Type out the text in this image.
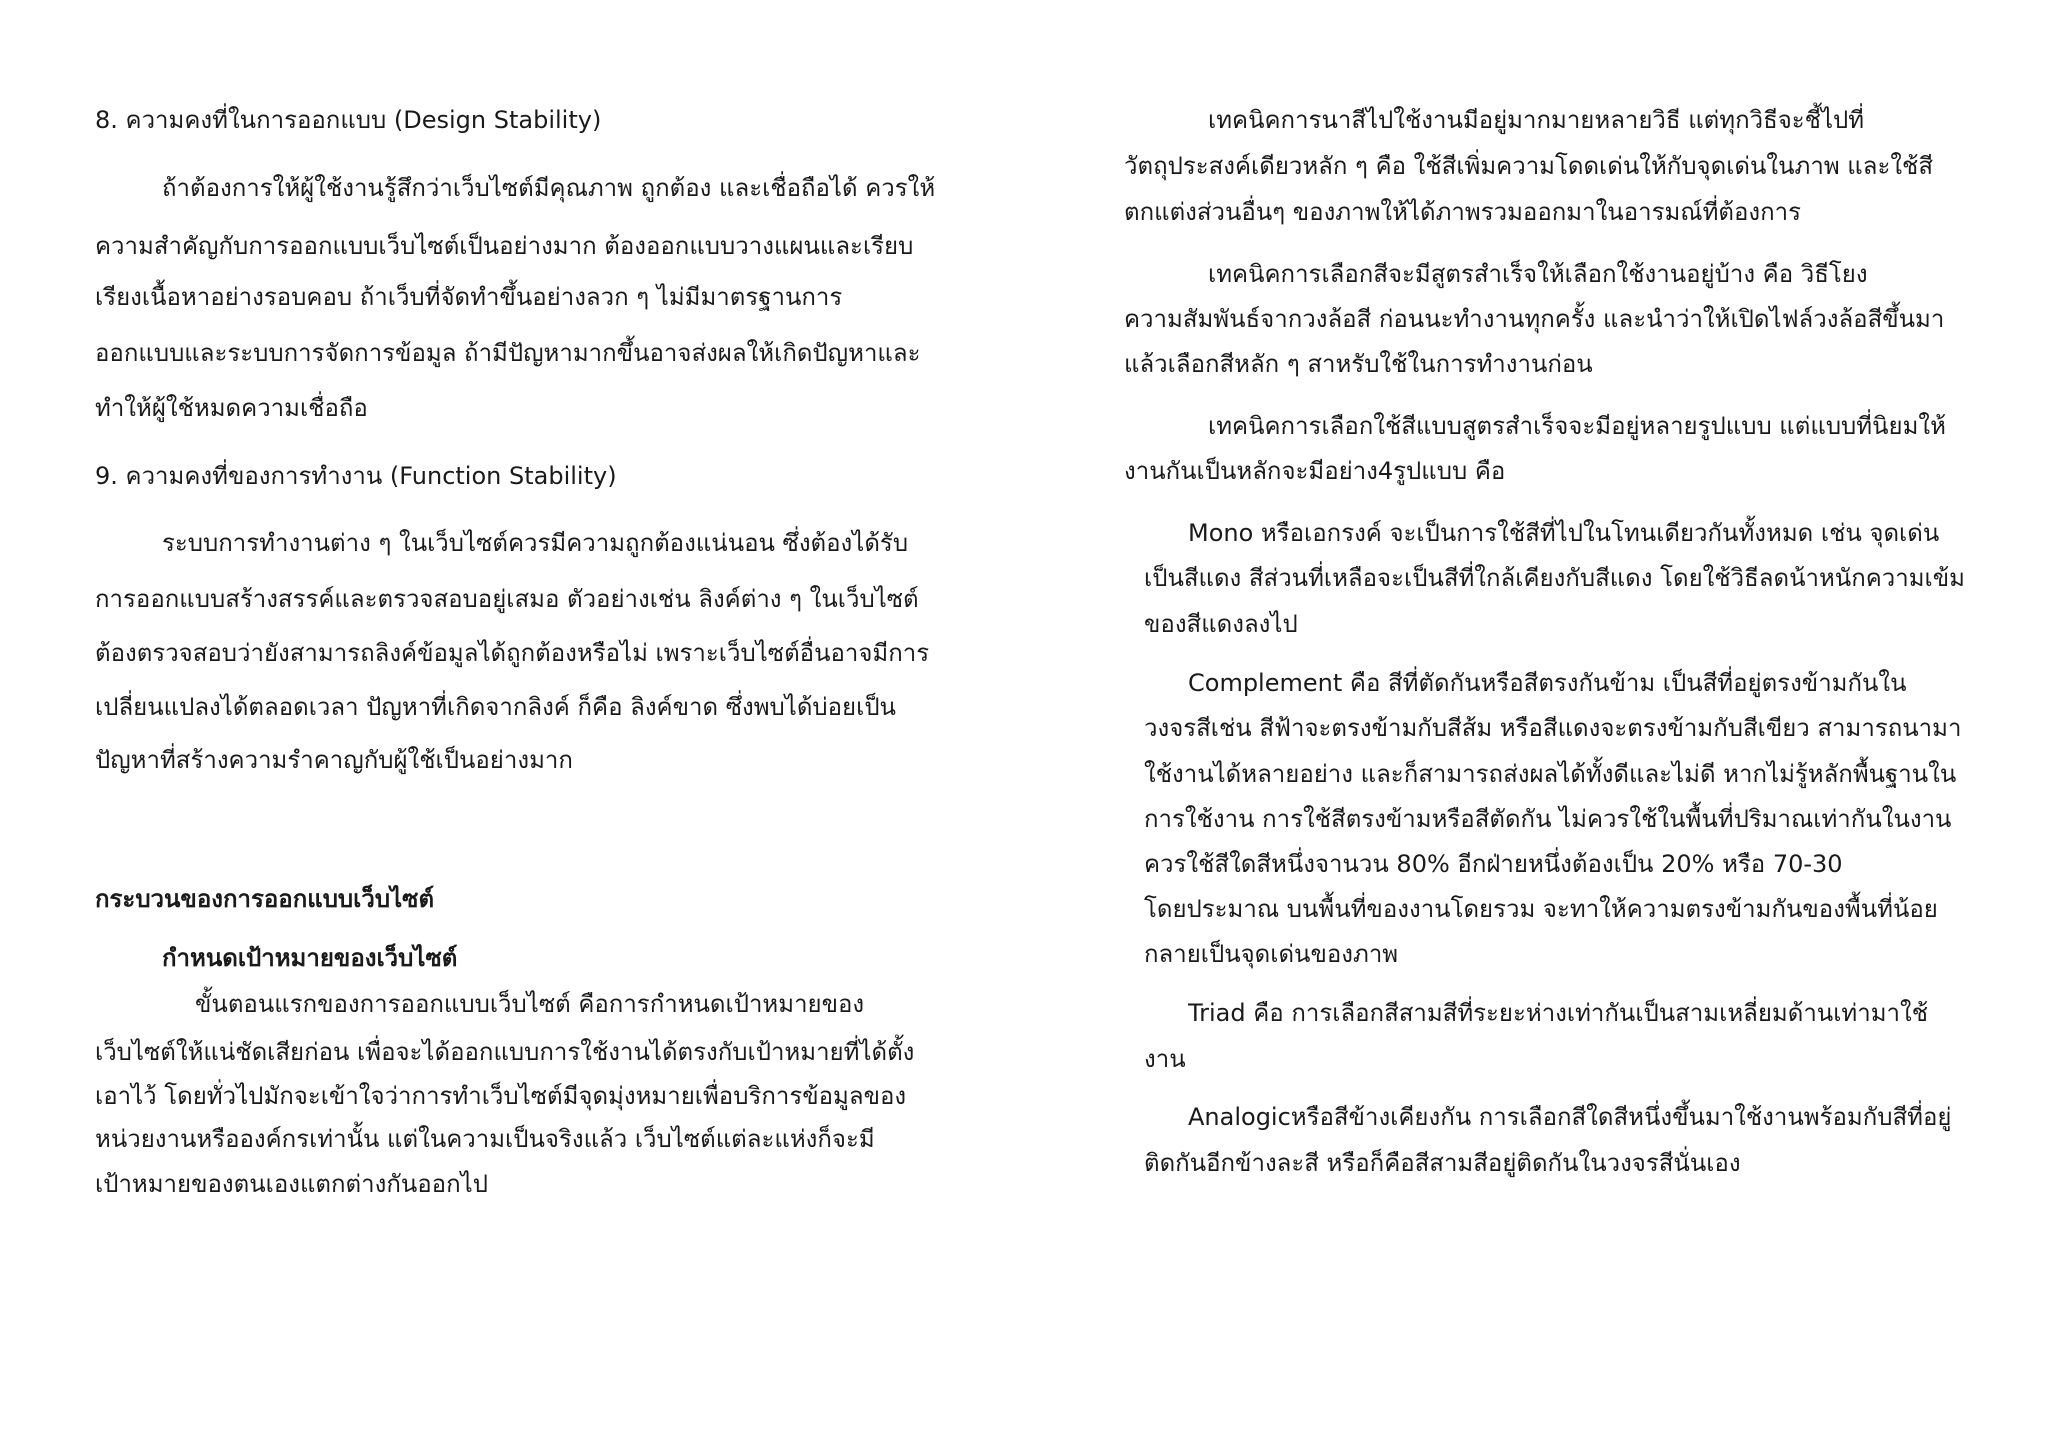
8. ความคงที่ในการออกแบบ (Design Stability)
ถ้าต้องการให้ผู้ใช้งานรู้สึกว่าเว็บไซต์มีคุณภาพ ถูกต้อง และเชื่อถือได้ ควรให้
ความสำคัญกับการออกแบบเว็บไซต์เป็นอย่างมาก ต้องออกแบบวางแผนและเรียบ
เรียงเนื้อหาอย่างรอบคอบ ถ้าเว็บที่จัดทำขึ้นอย่างลวก ๆ ไม่มีมาตรฐานการ
ออกแบบและระบบการจัดการข้อมูล ถ้ามีปัญหามากขึ้นอาจส่งผลให้เกิดปัญหาและ
ทำให้ผู้ใช้หมดความเชื่อถือ
9. ความคงที่ของการทำงาน (Function Stability)
ระบบการทำงานต่าง ๆ ในเว็บไซต์ควรมีความถูกต้องแน่นอน ซึ่งต้องได้รับ
การออกแบบสร้างสรรค์และตรวจสอบอยู่เสมอ ตัวอย่างเช่น ลิงค์ต่าง ๆ ในเว็บไซต์
ต้องตรวจสอบว่ายังสามารถลิงค์ข้อมูลได้ถูกต้องหรือไม่ เพราะเว็บไซต์อื่นอาจมีการ
เปลี่ยนแปลงได้ตลอดเวลา ปัญหาที่เกิดจากลิงค์ ก็คือ ลิงค์ขาด ซึ่งพบได้บ่อยเป็น
ปัญหาที่สร้างความรำคาญกับผู้ใช้เป็นอย่างมาก
กระบวนของการออกแบบเว็บไซต์
กำหนดเป้าหมายของเว็บไซต์
ขั้นตอนแรกของการออกแบบเว็บไซต์ คือการกำหนดเป้าหมายของ
เว็บไซต์ให้แน่ชัดเสียก่อน เพื่อจะได้ออกแบบการใช้งานได้ตรงกับเป้าหมายที่ได้ตั้ง
เอาไว้ โดยทั่วไปมักจะเข้าใจว่าการทำเว็บไซต์มีจุดมุ่งหมายเพื่อบริการข้อมูลของ
หน่วยงานหรือองค์กรเท่านั้น แต่ในความเป็นจริงแล้ว เว็บไซต์แต่ละแห่งก็จะมี
เป้าหมายของตนเองแตกต่างกันออกไป
เทคนิคการนาสีไปใช้งานมีอยู่มากมายหลายวิธี แต่ทุกวิธีจะชี้ไปที่
วัตถุประสงค์เดียวหลัก ๆ คือ ใช้สีเพิ่มความโดดเด่นให้กับจุดเด่นในภาพ และใช้สี
ตกแต่งส่วนอื่นๆ ของภาพให้ได้ภาพรวมออกมาในอารมณ์ที่ต้องการ
เทคนิคการเลือกสีจะมีสูตรสำเร็จให้เลือกใช้งานอยู่บ้าง คือ วิธีโยง
ความสัมพันธ์จากวงล้อสี ก่อนนะทำงานทุกครั้ง และนำว่าให้เปิดไฟล์วงล้อสีขึ้นมา
แล้วเลือกสีหลัก ๆ สาหรับใช้ในการทำงานก่อน
เทคนิคการเลือกใช้สีแบบสูตรสำเร็จจะมีอยู่หลายรูปแบบ แต่แบบที่นิยมให้
งานกันเป็นหลักจะมีอย่าง4รูปแบบ คือ
Mono หรือเอกรงค์ จะเป็นการใช้สีที่ไปในโทนเดียวกันทั้งหมด เช่น จุดเด่น
เป็นสีแดง สีส่วนที่เหลือจะเป็นสีที่ใกล้เคียงกับสีแดง โดยใช้วิธีลดน้าหนักความเข้ม
ของสีแดงลงไป
Complement คือ สีที่ตัดกันหรือสีตรงกันข้าม เป็นสีที่อยู่ตรงข้ามกันใน
วงจรสีเช่น สีฟ้าจะตรงข้ามกับสีส้ม หรือสีแดงจะตรงข้ามกับสีเขียว สามารถนามา
ใช้งานได้หลายอย่าง และก็สามารถส่งผลได้ทั้งดีและไม่ดี หากไม่รู้หลักพื้นฐานใน
การใช้งาน การใช้สีตรงข้ามหรือสีตัดกัน ไม่ควรใช้ในพื้นที่ปริมาณเท่ากันในงาน
ควรใช้สีใดสีหนึ่งจานวน 80% อีกฝ่ายหนึ่งต้องเป็น 20% หรือ 70-30
โดยประมาณ บนพื้นที่ของงานโดยรวม จะทาให้ความตรงข้ามกันของพื้นที่น้อย
กลายเป็นจุดเด่นของภาพ
Triad คือ การเลือกสีสามสีที่ระยะห่างเท่ากันเป็นสามเหลี่ยมด้านเท่ามาใช้
งาน
Analogicหรือสีข้างเคียงกัน การเลือกสีใดสีหนึ่งขึ้นมาใช้งานพร้อมกับสีที่อยู่
ติดกันอีกข้างละสี หรือก็คือสีสามสีอยู่ติดกันในวงจรสีนั่นเอง
